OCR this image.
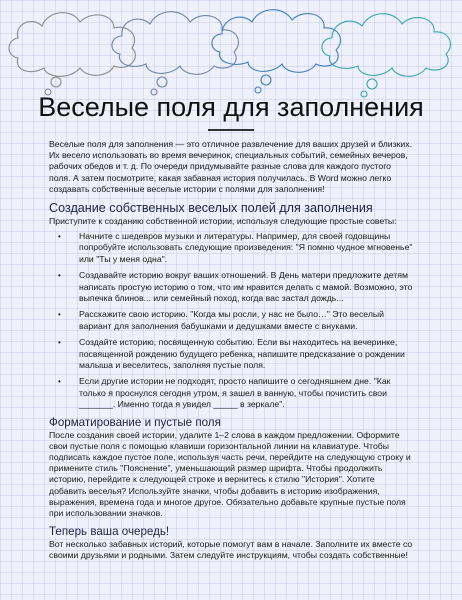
Веселые поля для заполнения

Веселые поля для заполнения — это отличное развлечение для ваших друзей и близких. Их весело использовать во время вечеринок, специальных событий, семейных вечеров, рабочих обедов и т. д. По очереди придумывайте разные слова для каждого пустого поля. А затем посмотрите, какая забавная история получилась. В Word можно легко создавать собственные веселые истории с полями для заполнения!

Создание собственных веселых полей для заполнения

Приступите к созданию собственной истории, используя следующие простые советы:

• Начните с шедевров музыки и литературы. Например, для своей годовщины попробуйте использовать следующие произведения: "Я помню чудное мгновенье" или "Ты у меня одна".
• Создавайте историю вокруг ваших отношений. В День матери предложите детям написать простую историю о том, что им нравится делать с мамой. Возможно, это выпечка блинов... или семейный поход, когда вас застал дождь...
• Расскажите свою историю. "Когда мы росли, у нас не было…" Это веселый вариант для заполнения бабушками и дедушками вместе с внуками.
• Создайте историю, посвященную событию. Если вы находитесь на вечеринке, посвященной рождению будущего ребенка, напишите предсказание о рождении малыша и веселитесь, заполняя пустые поля.
• Если другие истории не подходят, просто напишите о сегодняшнем дне. "Как только я проснулся сегодня утром, я зашел в ванную, чтобы почистить свои _______. Именно тогда я увидел _____ в зеркале".
Форматирование и пустые поля

После создания своей истории, удалите 1–2 слова в каждом предложении. Оформите свои пустые поля с помощью клавиши горизонтальной линии на клавиатуре. Чтобы подписать каждое пустое поле, используя часть речи, перейдите на следующую строку и примените стиль "Пояснение", уменьшающий размер шрифта. Чтобы продолжить историю, перейдите к следующей строке и вернитесь к стилю "История". Хотите добавить веселья? Используйте значки, чтобы добавить в историю изображения, выражения, времена года и многое другое. Обязательно добавьте крупные пустые поля при использовании значков.

Теперь ваша очередь!

Вот несколько забавных историй, которые помогут вам в начале. Заполните их вместе со своими друзьями и родными. Затем следуйте инструкциям, чтобы создать собственные!
